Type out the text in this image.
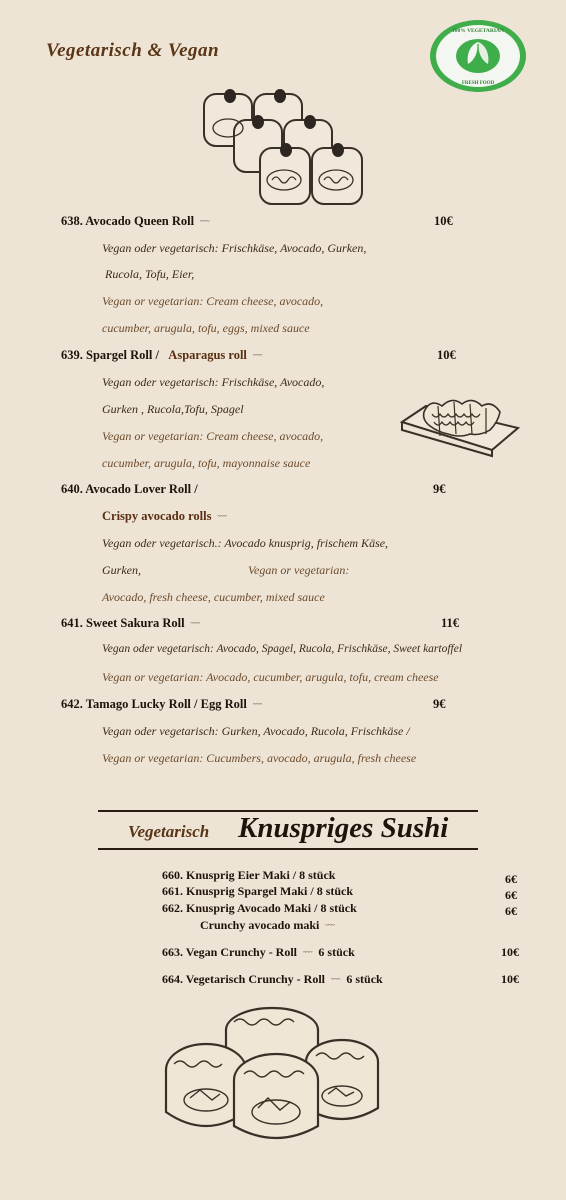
Vegetarisch & Vegan
100% VEGETARIAN
FRESH FOOD
638. Avocado Queen Roll ~~~	10€
Vegan oder vegetarisch: Frischkäse, Avocado, Gurken,
Rucola, Tofu, Eier,
Vegan or vegetarian: Cream cheese, avocado,
cucumber, arugula, tofu, eggs, mixed sauce
639. Spargel Roll / Asparagus roll ~~~	10€
Vegan oder vegetarisch: Frischkäse, Avocado,
Gurken , Rucola,Tofu, Spagel
Vegan or vegetarian: Cream cheese, avocado,
cucumber, arugula, tofu, mayonnaise sauce
640. Avocado Lover Roll /	9€
Crispy avocado rolls ~~~
Vegan oder vegetarisch.: Avocado knusprig, frischem Käse,
Gurken,	Vegan or vegetarian:
Avocado, fresh cheese, cucumber, mixed sauce
641. Sweet Sakura Roll ~~~	11€
Vegan oder vegetarisch: Avocado, Spagel, Rucola, Frischkäse, Sweet kartoffel
Vegan or vegetarian: Avocado, cucumber, arugula, tofu, cream cheese
642. Tamago Lucky Roll / Egg Roll ~~~	9€
Vegan oder vegetarisch: Gurken, Avocado, Rucola, Frischkäse /
Vegan or vegetarian: Cucumbers, avocado, arugula, fresh cheese
Vegetarisch Knuspriges Sushi
660. Knusprig Eier Maki / 8 stück	6€
661. Knusprig Spargel Maki / 8 stück	6€
662. Knusprig Avocado Maki / 8 stück	6€
Crunchy avocado maki ~~~
663. Vegan Crunchy - Roll ~~~ 6 stück	10€
664. Vegetarisch Crunchy - Roll ~~~ 6 stück	10€
